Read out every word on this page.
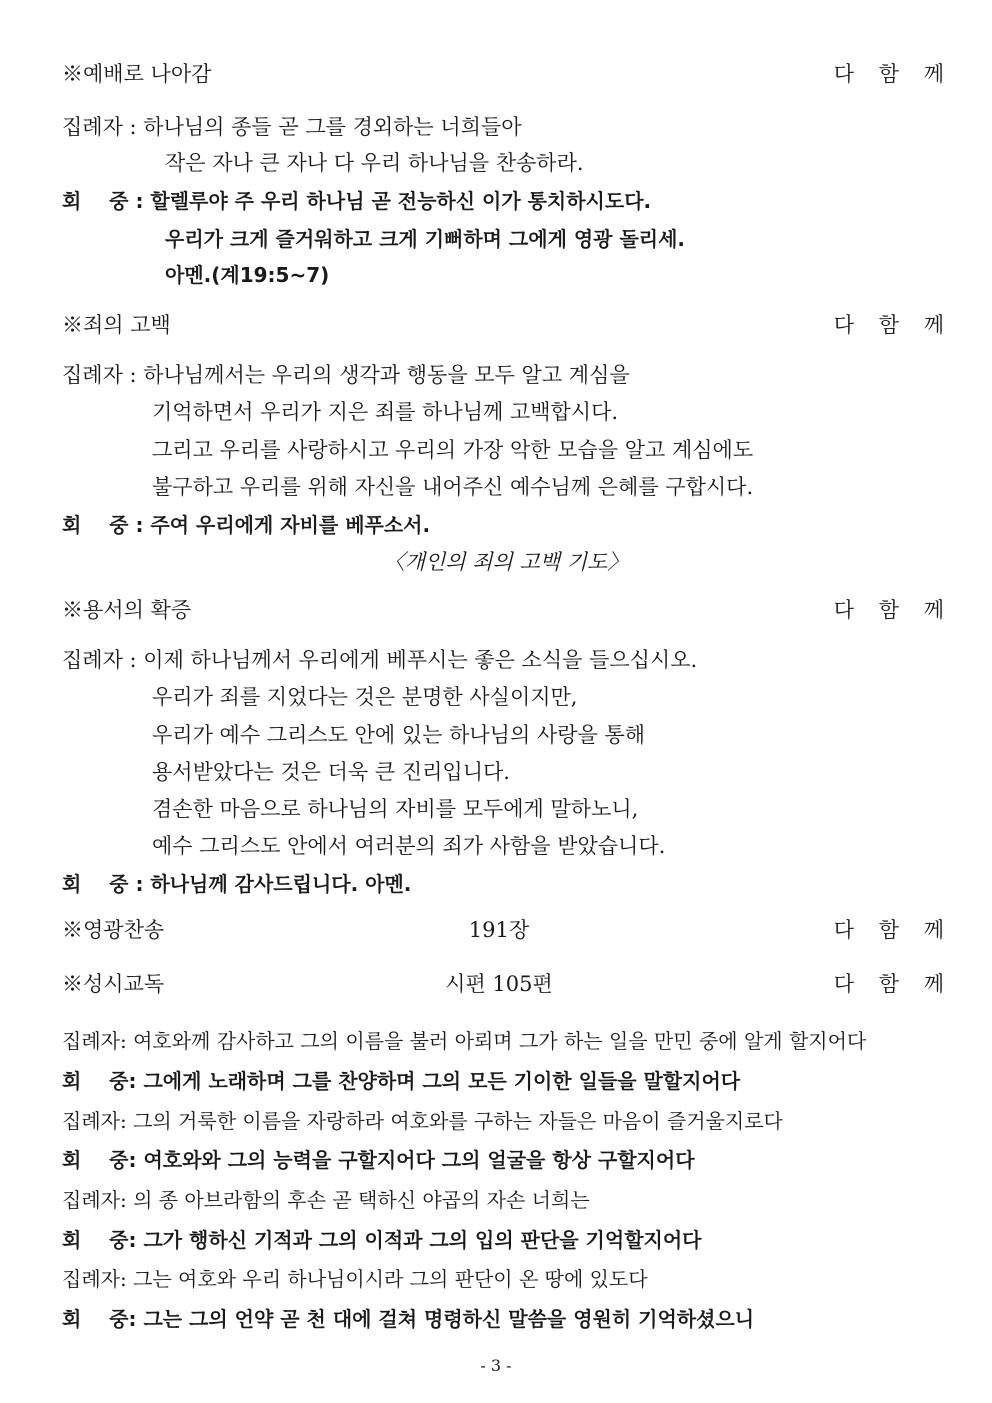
※예배로 나아감	다 함 께
집례자 : 하나님의 종들 곧 그를 경외하는 너희들아
작은 자나 큰 자나 다 우리 하나님을 찬송하라.
회    중 : 할렐루야 주 우리 하나님 곧 전능하신 이가 통치하시도다.
우리가 크게 즐거워하고 크게 기뻐하며 그에게 영광 돌리세.
아멘.(계19:5~7)
※죄의 고백	다 함 께
집례자 : 하나님께서는 우리의 생각과 행동을 모두 알고 계심을
기억하면서 우리가 지은 죄를 하나님께 고백합시다.
그리고 우리를 사랑하시고 우리의 가장 악한 모습을 알고 계심에도
불구하고 우리를 위해 자신을 내어주신 예수님께 은혜를 구합시다.
회    중 : 주여 우리에게 자비를 베푸소서.
〈개인의 죄의 고백 기도〉
※용서의 확증	다 함 께
집례자 : 이제 하나님께서 우리에게 베푸시는 좋은 소식을 들으십시오.
우리가 죄를 지었다는 것은 분명한 사실이지만,
우리가 예수 그리스도 안에 있는 하나님의 사랑을 통해
용서받았다는 것은 더욱 큰 진리입니다.
겸손한 마음으로 하나님의 자비를 모두에게 말하노니,
예수 그리스도 안에서 여러분의 죄가 사함을 받았습니다.
회    중 : 하나님께 감사드립니다. 아멘.
※영광찬송	191장	다 함 께
※성시교독	시편 105편	다 함 께
집례자: 여호와께 감사하고 그의 이름을 불러 아뢰며 그가 하는 일을 만민 중에 알게 할지어다
회    중: 그에게 노래하며 그를 찬양하며 그의 모든 기이한 일들을 말할지어다
집례자: 그의 거룩한 이름을 자랑하라 여호와를 구하는 자들은 마음이 즐거울지로다
회    중: 여호와와 그의 능력을 구할지어다 그의 얼굴을 항상 구할지어다
집례자: 의 종 아브라함의 후손 곧 택하신 야곱의 자손 너희는
회    중: 그가 행하신 기적과 그의 이적과 그의 입의 판단을 기억할지어다
집례자: 그는 여호와 우리 하나님이시라 그의 판단이 온 땅에 있도다
회    중: 그는 그의 언약 곧 천 대에 걸쳐 명령하신 말씀을 영원히 기억하셨으니
- 3 -
